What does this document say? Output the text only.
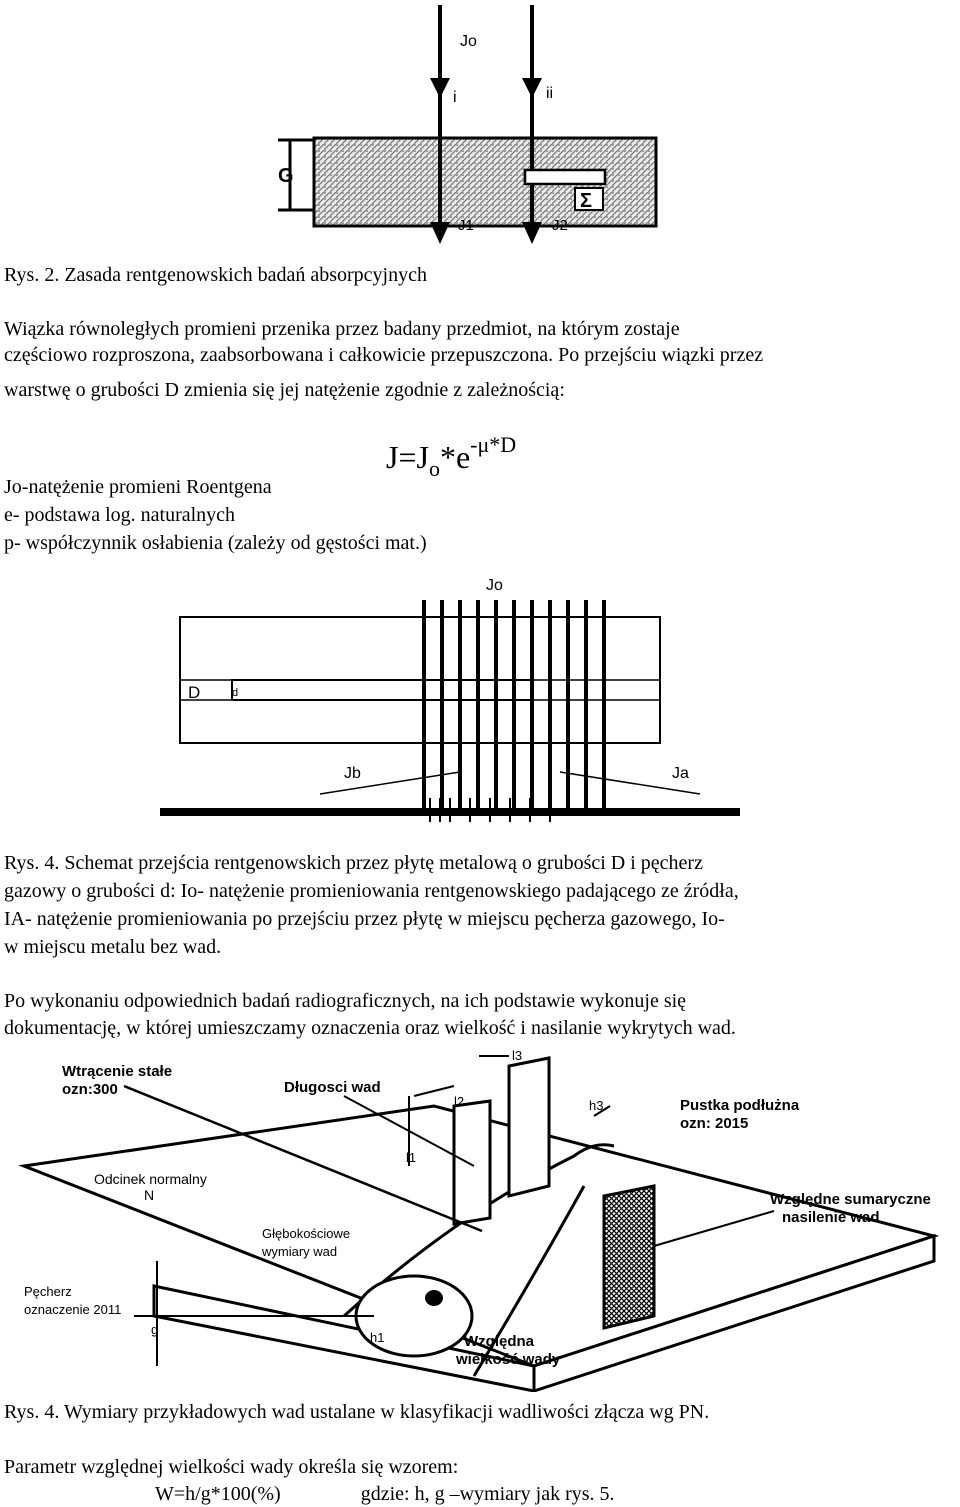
G
Σ
Jo
i	ii
J1	J2
Rys. 2. Zasada rentgenowskich badań absorpcyjnych
Wiązka równoległych promieni przenika przez badany przedmiot, na którym zostaje
częściowo rozproszona, zaabsorbowana i całkowicie przepuszczona. Po przejściu wiązki przez
warstwę o grubości D zmienia się jej natężenie zgodnie z zależnością:
$J=J_o*e^{-\mu*D}$
Jo-natężenie promieni Roentgena
e- podstawa log. naturalnych
p- współczynnik osłabienia (zależy od gęstości mat.)
Jo
D	d
Jb	Ja
Rys. 4. Schemat przejścia rentgenowskich przez płytę metalową o grubości D i pęcherz
gazowy o grubości d: Io- natężenie promieniowania rentgenowskiego padającego ze źródła,
IA- natężenie promieniowania po przejściu przez płytę w miejscu pęcherza gazowego, Io-
w miejscu metalu bez wad.
Po wykonaniu odpowiednich badań radiograficznych, na ich podstawie wykonuje się
dokumentację, w której umieszczamy oznaczenia oraz wielkość i nasilanie wykrytych wad.
Wtrącenie stałe
ozn:300	Długosci wad
l3
l2
l1
h3	Pustka podłużna
ozn: 2015
Odcinek normalny
N	Względne sumaryczne
nasilenie wad
Głębokościowe
wymiary wad
Pęcherz
oznaczenie 2011
g
h1	Względna
wielkość wady
Rys. 4. Wymiary przykładowych wad ustalane w klasyfikacji wadliwości złącza wg PN.
Parametr względnej wielkości wady określa się wzorem:
W=h/g*100(%)	gdzie: h, g –wymiary jak rys. 5.
